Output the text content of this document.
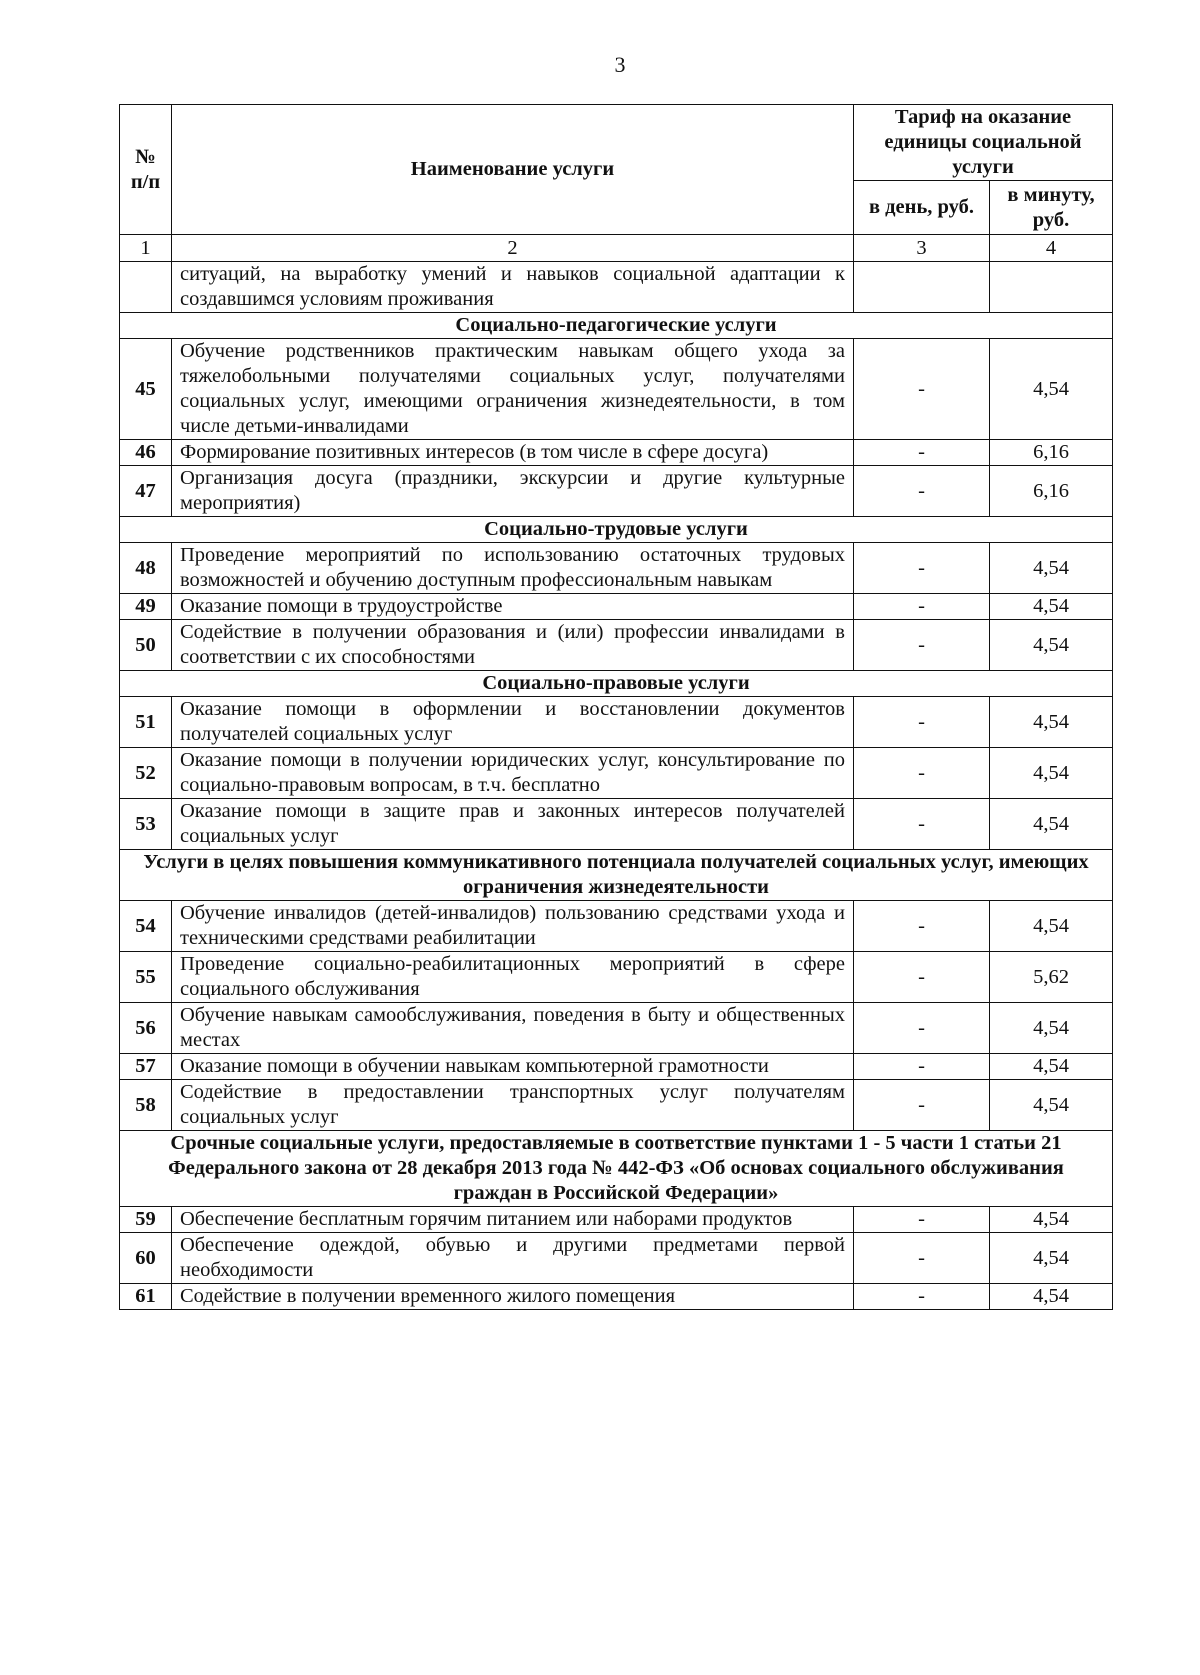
3
№ п/п	Наименование услуги	Тариф на оказание единицы социальной услуги	
		в день, руб.	в минуту, руб.
1	2	3	4
	ситуаций, на выработку умений и навыков социальной адаптации к создавшимся условиям проживания		
Социально-педагогические услуги			
45	Обучение родственников практическим навыкам общего ухода за тяжелобольными получателями социальных услуг, получателями социальных услуг, имеющими ограничения жизнедеятельности, в том числе детьми-инвалидами	-	4,54
46	Формирование позитивных интересов (в том числе в сфере досуга)	-	6,16
47	Организация досуга (праздники, экскурсии и другие культурные мероприятия)	-	6,16
Социально-трудовые услуги			
48	Проведение мероприятий по использованию остаточных трудовых возможностей и обучению доступным профессиональным навыкам	-	4,54
49	Оказание помощи в трудоустройстве	-	4,54
50	Содействие в получении образования и (или) профессии инвалидами в соответствии с их способностями	-	4,54
Социально-правовые услуги			
51	Оказание помощи в оформлении и восстановлении документов получателей социальных услуг	-	4,54
52	Оказание помощи в получении юридических услуг, консультирование по социально-правовым вопросам, в т.ч. бесплатно	-	4,54
53	Оказание помощи в защите прав и законных интересов получателей социальных услуг	-	4,54
Услуги в целях повышения коммуникативного потенциала получателей социальных услуг, имеющих ограничения жизнедеятельности			
54	Обучение инвалидов (детей-инвалидов) пользованию средствами ухода и техническими средствами реабилитации	-	4,54
55	Проведение социально-реабилитационных мероприятий в сфере социального обслуживания	-	5,62
56	Обучение навыкам самообслуживания, поведения в быту и общественных местах	-	4,54
57	Оказание помощи в обучении навыкам компьютерной грамотности	-	4,54
58	Содействие в предоставлении транспортных услуг получателям социальных услуг	-	4,54
Срочные социальные услуги, предоставляемые в соответствие пунктами 1 - 5 части 1 статьи 21 Федерального закона от 28 декабря 2013 года № 442-ФЗ «Об основах социального обслуживания граждан в Российской Федерации»			
59	Обеспечение бесплатным горячим питанием или наборами продуктов	-	4,54
60	Обеспечение одеждой, обувью и другими предметами первой необходимости	-	4,54
61	Содействие в получении временного жилого помещения	-	4,54
